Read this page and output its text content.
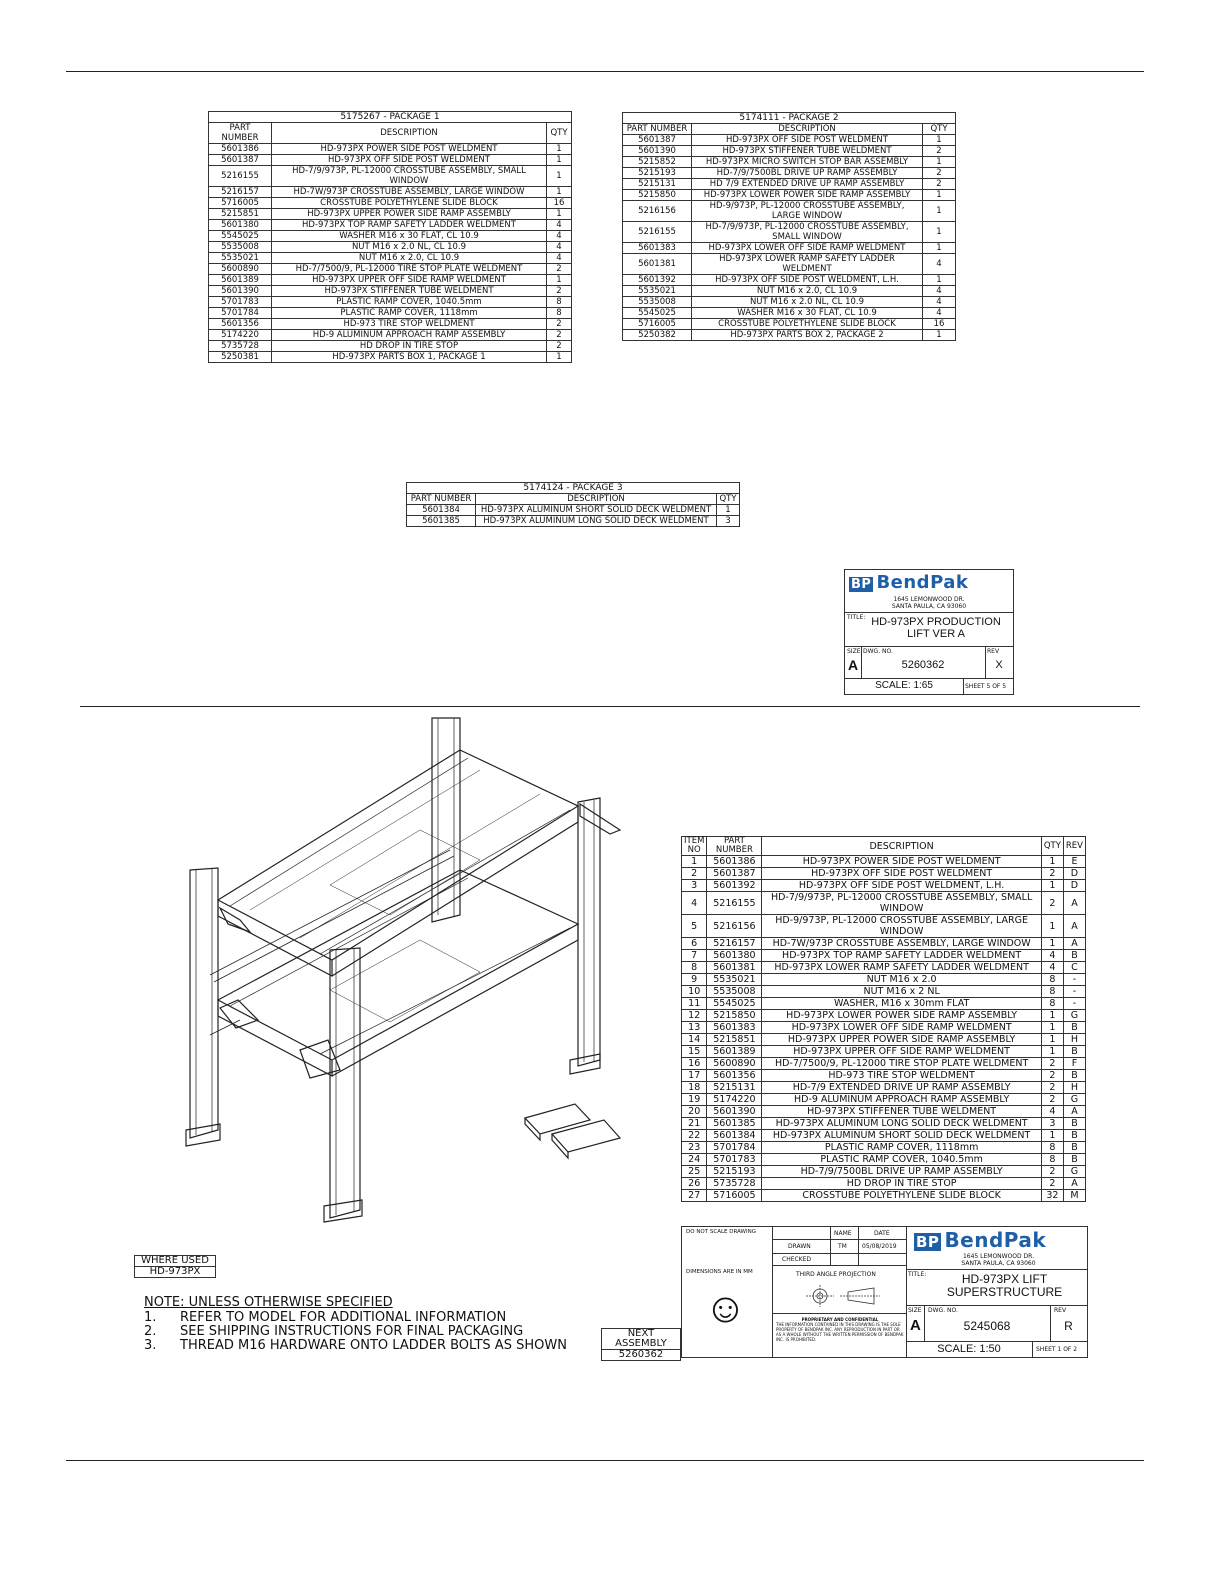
5175267 - PACKAGE 1		
PART NUMBER	DESCRIPTION	QTY
5601386	HD-973PX POWER SIDE POST WELDMENT	1
5601387	HD-973PX OFF SIDE POST WELDMENT	1
5216155	HD-7/9/973P, PL-12000 CROSSTUBE ASSEMBLY, SMALL WINDOW	1
5216157	HD-7W/973P CROSSTUBE ASSEMBLY, LARGE WINDOW	1
5716005	CROSSTUBE POLYETHYLENE SLIDE BLOCK	16
5215851	HD-973PX UPPER POWER SIDE RAMP ASSEMBLY	1
5601380	HD-973PX TOP RAMP SAFETY LADDER WELDMENT	4
5545025	WASHER M16 x 30 FLAT, CL 10.9	4
5535008	NUT M16 x 2.0 NL, CL 10.9	4
5535021	NUT M16 x 2.0, CL 10.9	4
5600890	HD-7/7500/9, PL-12000 TIRE STOP PLATE WELDMENT	2
5601389	HD-973PX UPPER OFF SIDE RAMP WELDMENT	1
5601390	HD-973PX STIFFENER TUBE WELDMENT	2
5701783	PLASTIC RAMP COVER, 1040.5mm	8
5701784	PLASTIC RAMP COVER, 1118mm	8
5601356	HD-973 TIRE STOP WELDMENT	2
5174220	HD-9 ALUMINUM APPROACH RAMP ASSEMBLY	2
5735728	HD DROP IN TIRE STOP	2
5250381	HD-973PX PARTS BOX 1, PACKAGE 1	1
5174111 - PACKAGE 2		
PART NUMBER	DESCRIPTION	QTY
5601387	HD-973PX OFF SIDE POST WELDMENT	1
5601390	HD-973PX STIFFENER TUBE WELDMENT	2
5215852	HD-973PX MICRO SWITCH STOP BAR ASSEMBLY	1
5215193	HD-7/9/7500BL DRIVE UP RAMP ASSEMBLY	2
5215131	HD 7/9 EXTENDED DRIVE UP RAMP ASSEMBLY	2
5215850	HD-973PX LOWER POWER SIDE RAMP ASSEMBLY	1
5216156	HD-9/973P, PL-12000 CROSSTUBE ASSEMBLY, LARGE WINDOW	1
5216155	HD-7/9/973P, PL-12000 CROSSTUBE ASSEMBLY, SMALL WINDOW	1
5601383	HD-973PX LOWER OFF SIDE RAMP WELDMENT	1
5601381	HD-973PX LOWER RAMP SAFETY LADDER WELDMENT	4
5601392	HD-973PX OFF SIDE POST WELDMENT, L.H.	1
5535021	NUT M16 x 2.0, CL 10.9	4
5535008	NUT M16 x 2.0 NL, CL 10.9	4
5545025	WASHER M16 x 30 FLAT, CL 10.9	4
5716005	CROSSTUBE POLYETHYLENE SLIDE BLOCK	16
5250382	HD-973PX PARTS BOX 2, PACKAGE 2	1
5174124 - PACKAGE 3		
PART NUMBER	DESCRIPTION	QTY
5601384	HD-973PX ALUMINUM SHORT SOLID DECK WELDMENT	1
5601385	HD-973PX ALUMINUM LONG SOLID DECK WELDMENT	3
BP BendPak
1645 LEMONWOOD DR.
SANTA PAULA, CA 93060
TITLE: HD-973PX PRODUCTION
LIFT VER A
SIZE
A
DWG. NO.
5260362
REV
X
SCALE: 1:65	SHEET 5 OF 5
WHERE USED
HD-973PX
NOTE: UNLESS OTHERWISE SPECIFIED
1. REFER TO MODEL FOR ADDITIONAL INFORMATION
2. SEE SHIPPING INSTRUCTIONS FOR FINAL PACKAGING
3. THREAD M16 HARDWARE ONTO LADDER BOLTS AS SHOWN
ITEM NO	PART NUMBER	DESCRIPTION	QTY	REV
1	5601386	HD-973PX POWER SIDE POST WELDMENT	1	E
2	5601387	HD-973PX OFF SIDE POST WELDMENT	2	D
3	5601392	HD-973PX OFF SIDE POST WELDMENT, L.H.	1	D
4	5216155	HD-7/9/973P, PL-12000 CROSSTUBE ASSEMBLY, SMALL WINDOW	2	A
5	5216156	HD-9/973P, PL-12000 CROSSTUBE ASSEMBLY, LARGE WINDOW	1	A
6	5216157	HD-7W/973P CROSSTUBE ASSEMBLY, LARGE WINDOW	1	A
7	5601380	HD-973PX TOP RAMP SAFETY LADDER WELDMENT	4	B
8	5601381	HD-973PX LOWER RAMP SAFETY LADDER WELDMENT	4	C
9	5535021	NUT M16 x 2.0	8	-
10	5535008	NUT M16 x 2 NL	8	-
11	5545025	WASHER, M16 x 30mm FLAT	8	-
12	5215850	HD-973PX LOWER POWER SIDE RAMP ASSEMBLY	1	G
13	5601383	HD-973PX LOWER OFF SIDE RAMP WELDMENT	1	B
14	5215851	HD-973PX UPPER POWER SIDE RAMP ASSEMBLY	1	H
15	5601389	HD-973PX UPPER OFF SIDE RAMP WELDMENT	1	B
16	5600890	HD-7/7500/9, PL-12000 TIRE STOP PLATE WELDMENT	2	F
17	5601356	HD-973 TIRE STOP WELDMENT	2	B
18	5215131	HD-7/9 EXTENDED DRIVE UP RAMP ASSEMBLY	2	H
19	5174220	HD-9 ALUMINUM APPROACH RAMP ASSEMBLY	2	G
20	5601390	HD-973PX STIFFENER TUBE WELDMENT	4	A
21	5601385	HD-973PX ALUMINUM LONG SOLID DECK WELDMENT	3	B
22	5601384	HD-973PX ALUMINUM SHORT SOLID DECK WELDMENT	1	B
23	5701784	PLASTIC RAMP COVER, 1118mm	8	B
24	5701783	PLASTIC RAMP COVER, 1040.5mm	8	B
25	5215193	HD-7/9/7500BL DRIVE UP RAMP ASSEMBLY	2	G
26	5735728	HD DROP IN TIRE STOP	2	A
27	5716005	CROSSTUBE POLYETHYLENE SLIDE BLOCK	32	M
DO NOT SCALE DRAWING
DIMENSIONS ARE IN MM
☺
NAME	DATE
DRAWN	TM	05/08/2019
CHECKED
THIRD ANGLE PROJECTION
PROPRIETARY AND CONFIDENTIAL
THE INFORMATION CONTAINED IN THIS DRAWING IS THE SOLE PROPERTY OF BENDPAK INC. ANY REPRODUCTION IN PART OR AS A WHOLE WITHOUT THE WRITTEN PERMISSION OF BENDPAK INC. IS PROHIBITED.
BP BendPak
1645 LEMONWOOD DR.
SANTA PAULA, CA 93060
TITLE:	HD-973PX LIFT
SUPERSTRUCTURE
SIZE
A
DWG. NO.
5245068
REV
R
SCALE: 1:50	SHEET 1 OF 2
NEXT ASSEMBLY
5260362
